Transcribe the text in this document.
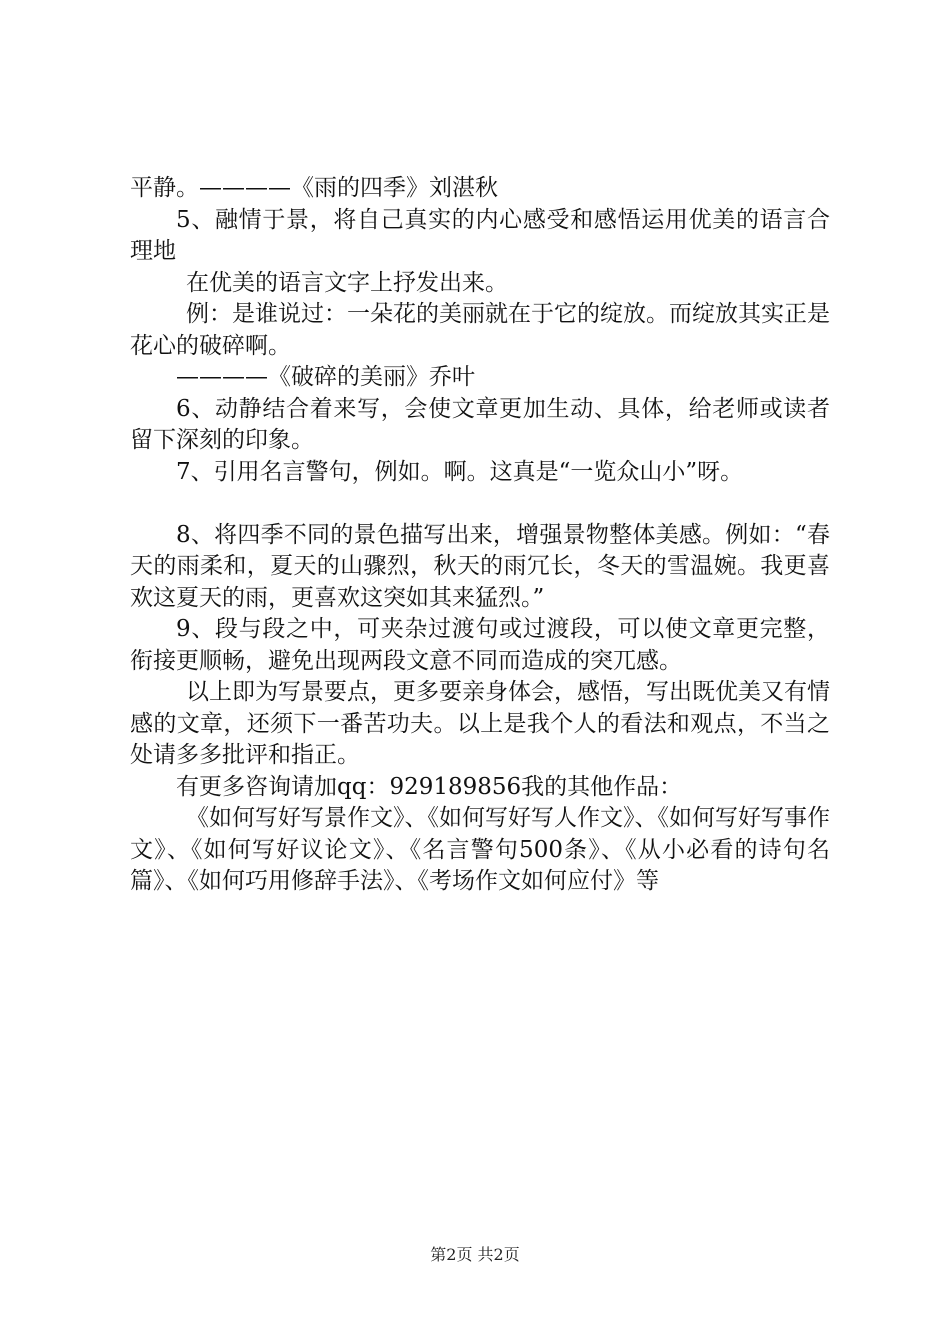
平静。————《雨的四季》刘湛秋

5、融情于景，将自己真实的内心感受和感悟运用优美的语言合理地

在优美的语言文字上抒发出来。

例：是谁说过：一朵花的美丽就在于它的绽放。而绽放其实正是花心的破碎啊。

————《破碎的美丽》乔叶

6、动静结合着来写，会使文章更加生动、具体，给老师或读者留下深刻的印象。

7、引用名言警句，例如。啊。这真是“一览众山小”呀。

8、将四季不同的景色描写出来，增强景物整体美感。例如：“春天的雨柔和，夏天的山骤烈，秋天的雨冗长，冬天的雪温婉。我更喜欢这夏天的雨，更喜欢这突如其来猛烈。”

9、段与段之中，可夹杂过渡句或过渡段，可以使文章更完整，衔接更顺畅，避免出现两段文意不同而造成的突兀感。

以上即为写景要点，更多要亲身体会，感悟，写出既优美又有情感的文章，还须下一番苦功夫。以上是我个人的看法和观点，不当之处请多多批评和指正。

有更多咨询请加qq：929189856我的其他作品：

《如何写好写景作文》、《如何写好写人作文》、《如何写好写事作文》、《如何写好议论文》、《名言警句500条》、《从小必看的诗句名篇》、《如何巧用修辞手法》、《考场作文如何应付》等

第2页 共2页
